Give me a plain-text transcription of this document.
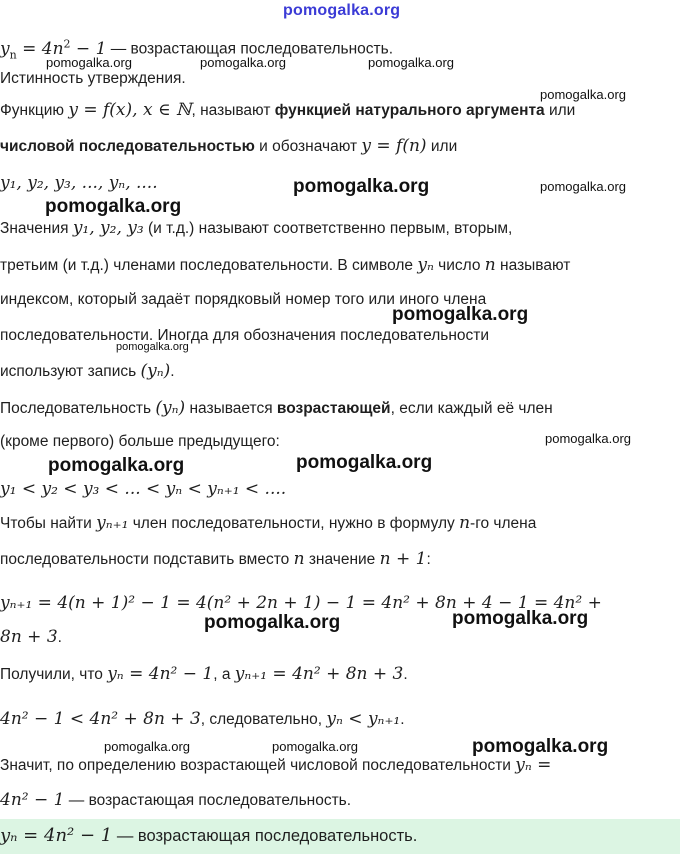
pomogalka.org
$y_n = 4n^2 - 1$ — возрастающая последовательность.
Истинность утверждения.
Функцию y = f(x), x ∈ ℕ, называют функцией натурального аргумента или
числовой последовательностью и обозначают y = f(n) или
y₁, y₂, y₃, ..., yₙ, ....
Значения y₁, y₂, y₃ (и т.д.) называют соответственно первым, вторым,
третьим (и т.д.) членами последовательности. В символе yₙ число n называют
индексом, который задаёт порядковый номер того или иного члена
последовательности. Иногда для обозначения последовательности
используют запись (yₙ).
Последовательность (yₙ) называется возрастающей, если каждый её член
(кроме первого) больше предыдущего:
y₁ < y₂ < y₃ < ... < yₙ < yₙ₊₁ < ....
Чтобы найти yₙ₊₁ член последовательности, нужно в формулу n-го члена
последовательности подставить вместо n значение n + 1:
yₙ₊₁ = 4(n + 1)² − 1 = 4(n² + 2n + 1) − 1 = 4n² + 8n + 4 − 1 = 4n² +
8n + 3.
Получили, что yₙ = 4n² − 1, а yₙ₊₁ = 4n² + 8n + 3.
4n² − 1 < 4n² + 8n + 3, следовательно, yₙ < yₙ₊₁.
Значит, по определению возрастающей числовой последовательности yₙ =
4n² − 1 — возрастающая последовательность.
yₙ = 4n² − 1 — возрастающая последовательность.
pomogalka.org	pomogalka.org	pomogalka.org
pomogalka.org
pomogalka.org	pomogalka.org
pomogalka.org
pomogalka.org
pomogalka.org
pomogalka.org
pomogalka.org	pomogalka.org
pomogalka.org	pomogalka.org
pomogalka.org	pomogalka.org	pomogalka.org
